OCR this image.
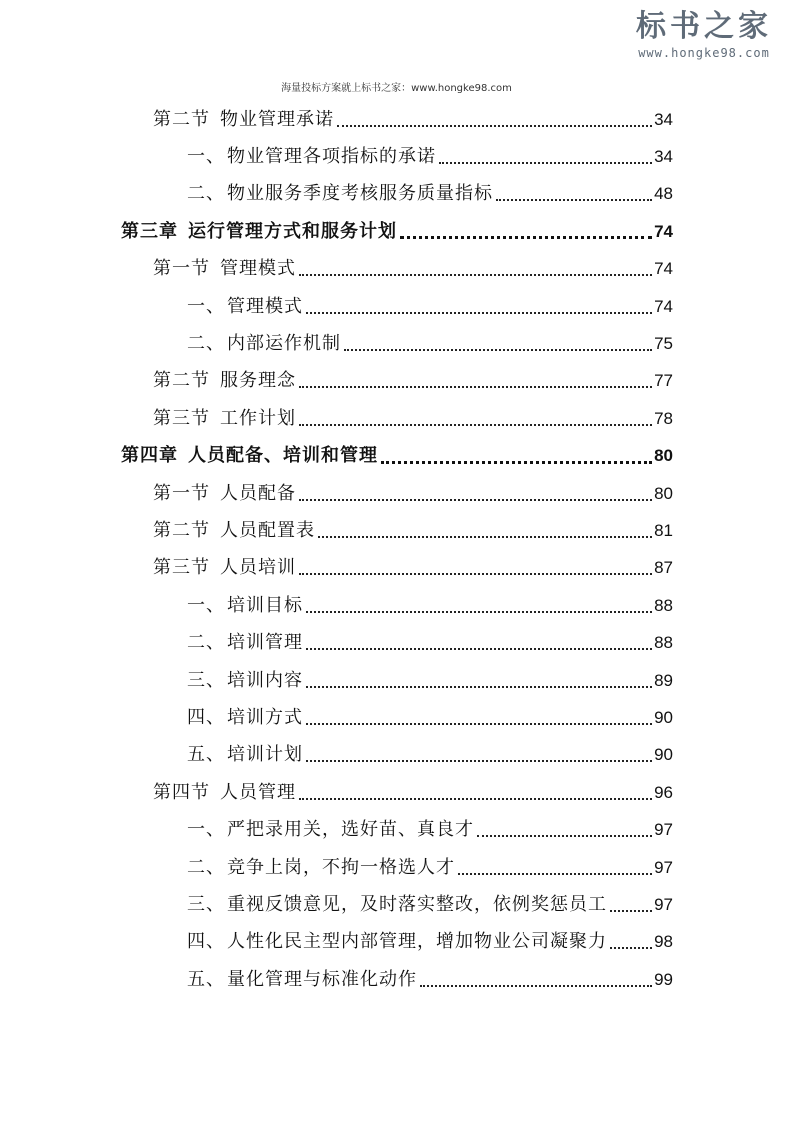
标书之家
www.hongke98.com
海量投标方案就上标书之家：www.hongke98.com
第二节 物业管理承诺	34
一、 物业管理各项指标的承诺	34
二、 物业服务季度考核服务质量指标	48
第三章 运行管理方式和服务计划	74
第一节 管理模式	74
一、 管理模式	74
二、 内部运作机制	75
第二节 服务理念	77
第三节 工作计划	78
第四章 人员配备、培训和管理	80
第一节 人员配备	80
第二节 人员配置表	81
第三节 人员培训	87
一、 培训目标	88
二、 培训管理	88
三、 培训内容	89
四、 培训方式	90
五、 培训计划	90
第四节 人员管理	96
一、 严把录用关，选好苗、真良才	97
二、 竞争上岗，不拘一格选人才	97
三、 重视反馈意见，及时落实整改，依例奖惩员工	97
四、 人性化民主型内部管理，增加物业公司凝聚力	98
五、 量化管理与标准化动作	99
